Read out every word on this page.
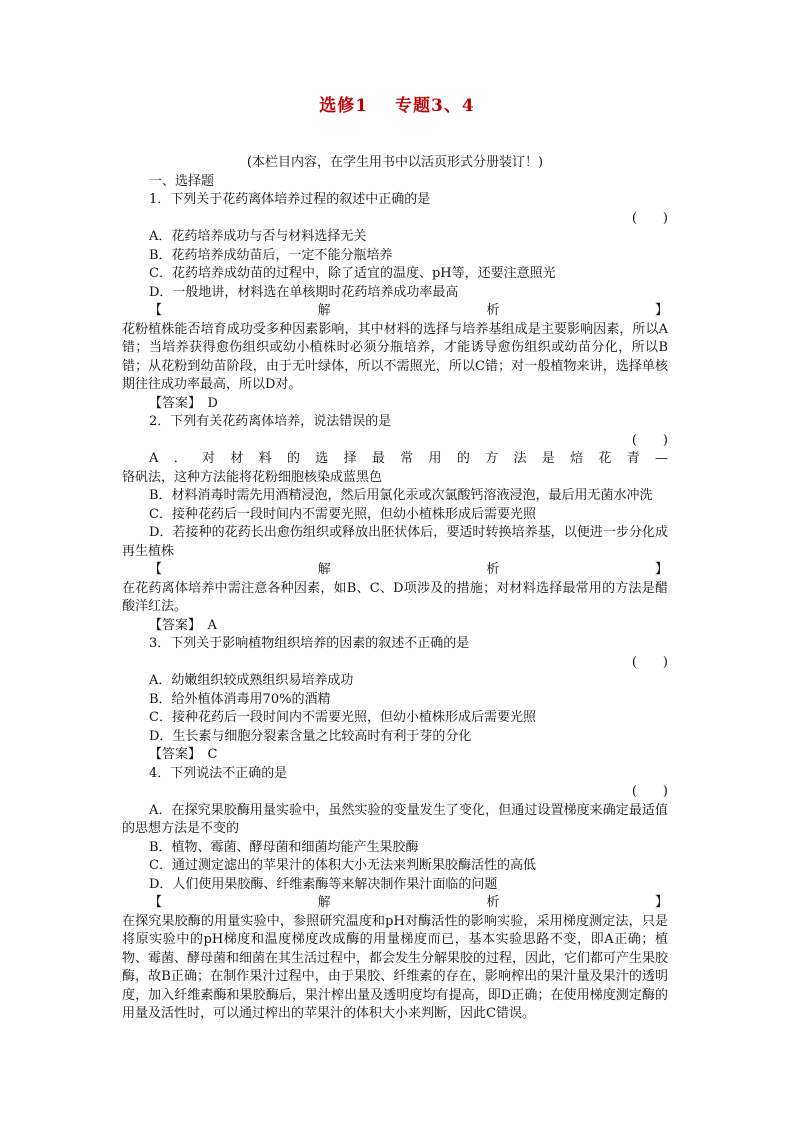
选修1 专题3、4
(本栏目内容，在学生用书中以活页形式分册装订！)
一、选择题
1．下列关于花药离体培养过程的叙述中正确的是
(　　)
A．花药培养成功与否与材料选择无关
B．花药培养成幼苗后，一定不能分瓶培养
C．花药培养成幼苗的过程中，除了适宜的温度、pH等，还要注意照光
D．一般地讲，材料选在单核期时花药培养成功率最高
【	解	析	】
花粉植株能否培育成功受多种因素影响，其中材料的选择与培养基组成是主要影响因素，所以A错；当培养获得愈伤组织或幼小植株时必须分瓶培养，才能诱导愈伤组织或幼苗分化，所以B错；从花粉到幼苗阶段，由于无叶绿体，所以不需照光，所以C错；对一般植物来讲，选择单核期往往成功率最高，所以D对。
【答案】　D
2．下列有关花药离体培养，说法错误的是
(　　)
A ． 对 材 料 的 选 择 最 常 用 的 方 法 是 焙 花 青 —
铬矾法，这种方法能将花粉细胞核染成蓝黑色
B．材料消毒时需先用酒精浸泡，然后用氯化汞或次氯酸钙溶液浸泡，最后用无菌水冲洗
C．接种花药后一段时间内不需要光照，但幼小植株形成后需要光照
D．若接种的花药长出愈伤组织或释放出胚状体后，要适时转换培养基，以便进一步分化成再生植株
【	解	析	】
在花药离体培养中需注意各种因素，如B、C、D项涉及的措施；对材料选择最常用的方法是醋酸洋红法。
【答案】　A
3．下列关于影响植物组织培养的因素的叙述不正确的是
(　　)
A．幼嫩组织较成熟组织易培养成功
B．给外植体消毒用70%的酒精
C．接种花药后一段时间内不需要光照，但幼小植株形成后需要光照
D．生长素与细胞分裂素含量之比较高时有利于芽的分化
【答案】　C
4．下列说法不正确的是
(　　)
A．在探究果胶酶用量实验中，虽然实验的变量发生了变化，但通过设置梯度来确定最适值的思想方法是不变的
B．植物、霉菌、酵母菌和细菌均能产生果胶酶
C．通过测定滤出的苹果汁的体积大小无法来判断果胶酶活性的高低
D．人们使用果胶酶、纤维素酶等来解决制作果汁面临的问题
【	解	析	】
在探究果胶酶的用量实验中，参照研究温度和pH对酶活性的影响实验，采用梯度测定法，只是将原实验中的pH梯度和温度梯度改成酶的用量梯度而已，基本实验思路不变，即A正确；植物、霉菌、酵母菌和细菌在其生活过程中，都会发生分解果胶的过程，因此，它们都可产生果胶酶，故B正确；在制作果汁过程中，由于果胶、纤维素的存在，影响榨出的果汁量及果汁的透明度，加入纤维素酶和果胶酶后，果汁榨出量及透明度均有提高，即D正确；在使用梯度测定酶的用量及活性时，可以通过榨出的苹果汁的体积大小来判断，因此C错误。
